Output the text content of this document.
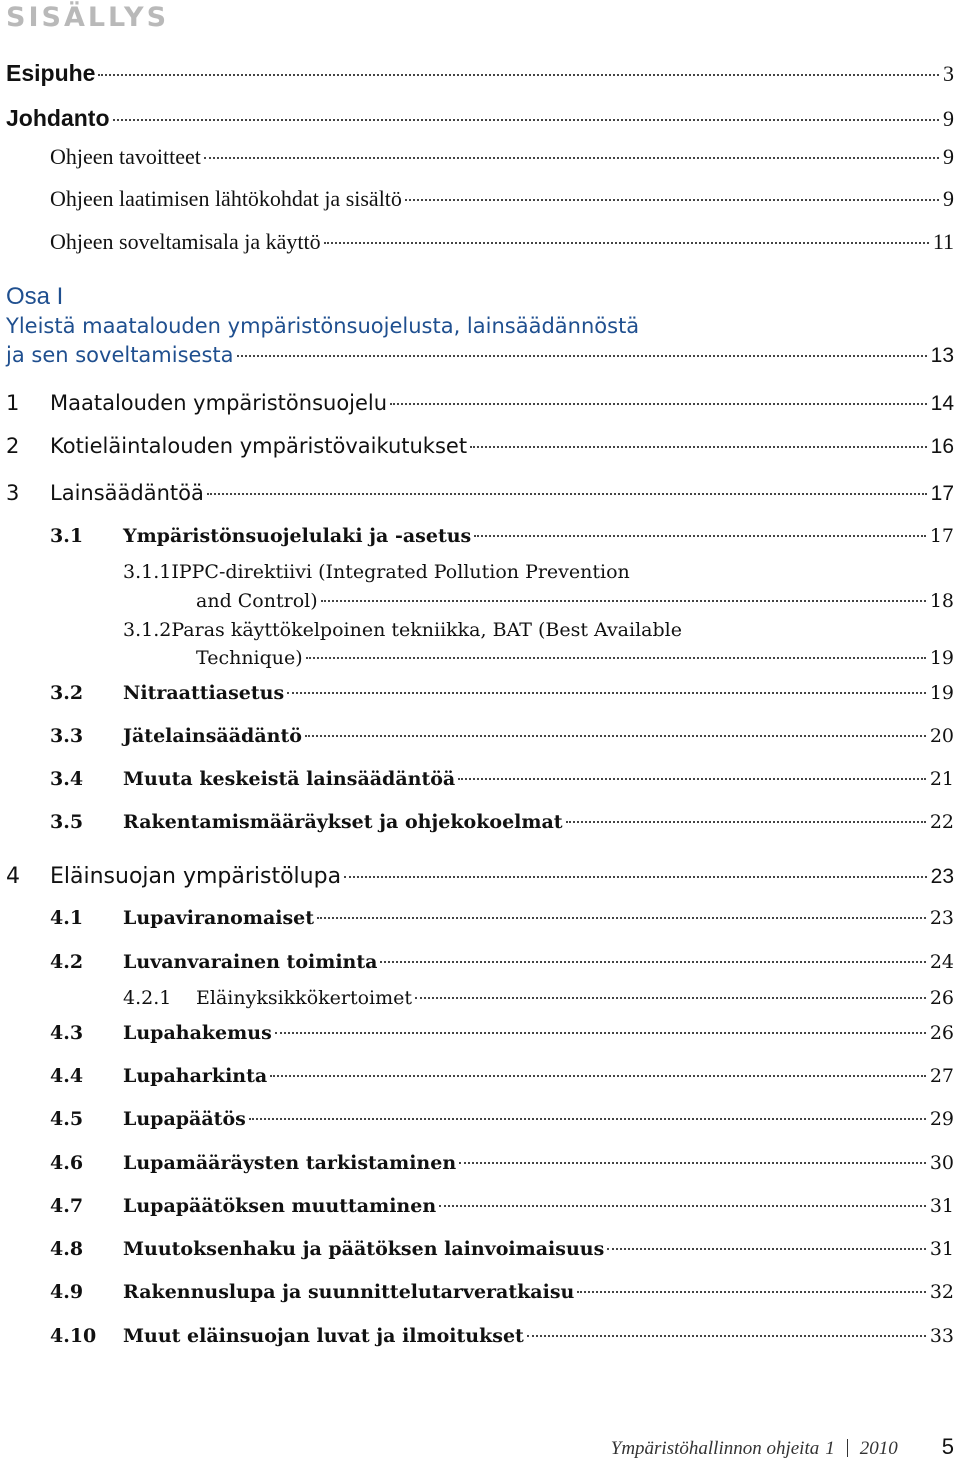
SISÄLLYS
Esipuhe	3
Johdanto	9
Ohjeen tavoitteet	9
Ohjeen laatimisen lähtökohdat ja sisältö	9
Ohjeen soveltamisala ja käyttö	11
Osa I
Yleistä maatalouden ympäristönsuojelusta, lainsäädännöstä
ja sen soveltamisesta	13
1	Maatalouden ympäristönsuojelu	14
2	Kotieläintalouden ympäristövaikutukset	16
3	Lainsäädäntöä	17
3.1	Ympäristönsuojelulaki ja -asetus	17
3.1.1IPPC-direktiivi (Integrated Pollution Prevention
and Control)	18
3.1.2Paras käyttökelpoinen tekniikka, BAT (Best Available
Technique)	19
3.2	Nitraattiasetus	19
3.3	Jätelainsäädäntö	20
3.4	Muuta keskeistä lainsäädäntöä	21
3.5	Rakentamismääräykset ja ohjekokoelmat	22
4	Eläinsuojan ympäristölupa	23
4.1	Lupaviranomaiset	23
4.2	Luvanvarainen toiminta	24
4.2.1	Eläinyksikkökertoimet	26
4.3	Lupahakemus	26
4.4	Lupaharkinta	27
4.5	Lupapäätös	29
4.6	Lupamääräysten tarkistaminen	30
4.7	Lupapäätöksen muuttaminen	31
4.8	Muutoksenhaku ja päätöksen lainvoimaisuus	31
4.9	Rakennuslupa ja suunnittelutarveratkaisu	32
4.10	Muut eläinsuojan luvat ja ilmoitukset	33
Ympäristöhallinnon ohjeita 1 2010 5
